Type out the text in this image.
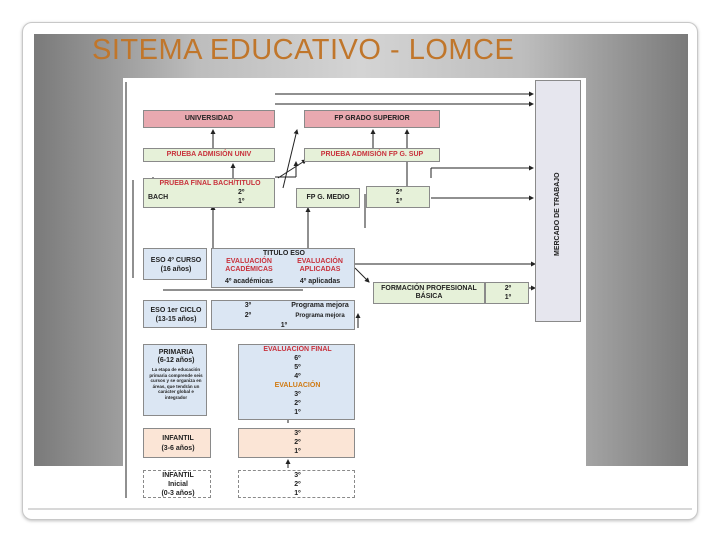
SITEMA EDUCATIVO - LOMCE
UNIVERSIDAD	FP GRADO SUPERIOR
PRUEBA ADMISIÓN UNIV	PRUEBA ADMISIÓN FP G. SUP
PRUEBA FINAL BACH/TITULO
BACH
2º
1º
FP G. MEDIO
2º
1º	MERCADO DE TRABAJO
ESO 4º CURSO
(16 años)
TITULO ESO
EVALUACIÓN ACADÉMICAS
EVALUACIÓN APLICADAS
4º académicas	4º aplicadas
FORMACIÓN PROFESIONAL BÁSICA
2º
1º
ESO 1er CICLO
(13-15 años)
3º	Programa mejora
2º	Programa mejora
1º
PRIMARIA
(6-12 años)
La etapa de educación primaria comprende seis cursos y se organiza en áreas, que tendrán un carácter global e integrador
EVALUACIÓN FINAL
6º
5º
4º
EVALUACIÓN
3º
2º
1º
INFANTIL
(3-6 años)
3º
2º
1º
INFANTIL
Inicial
(0-3 años)
3º
2º
1º
